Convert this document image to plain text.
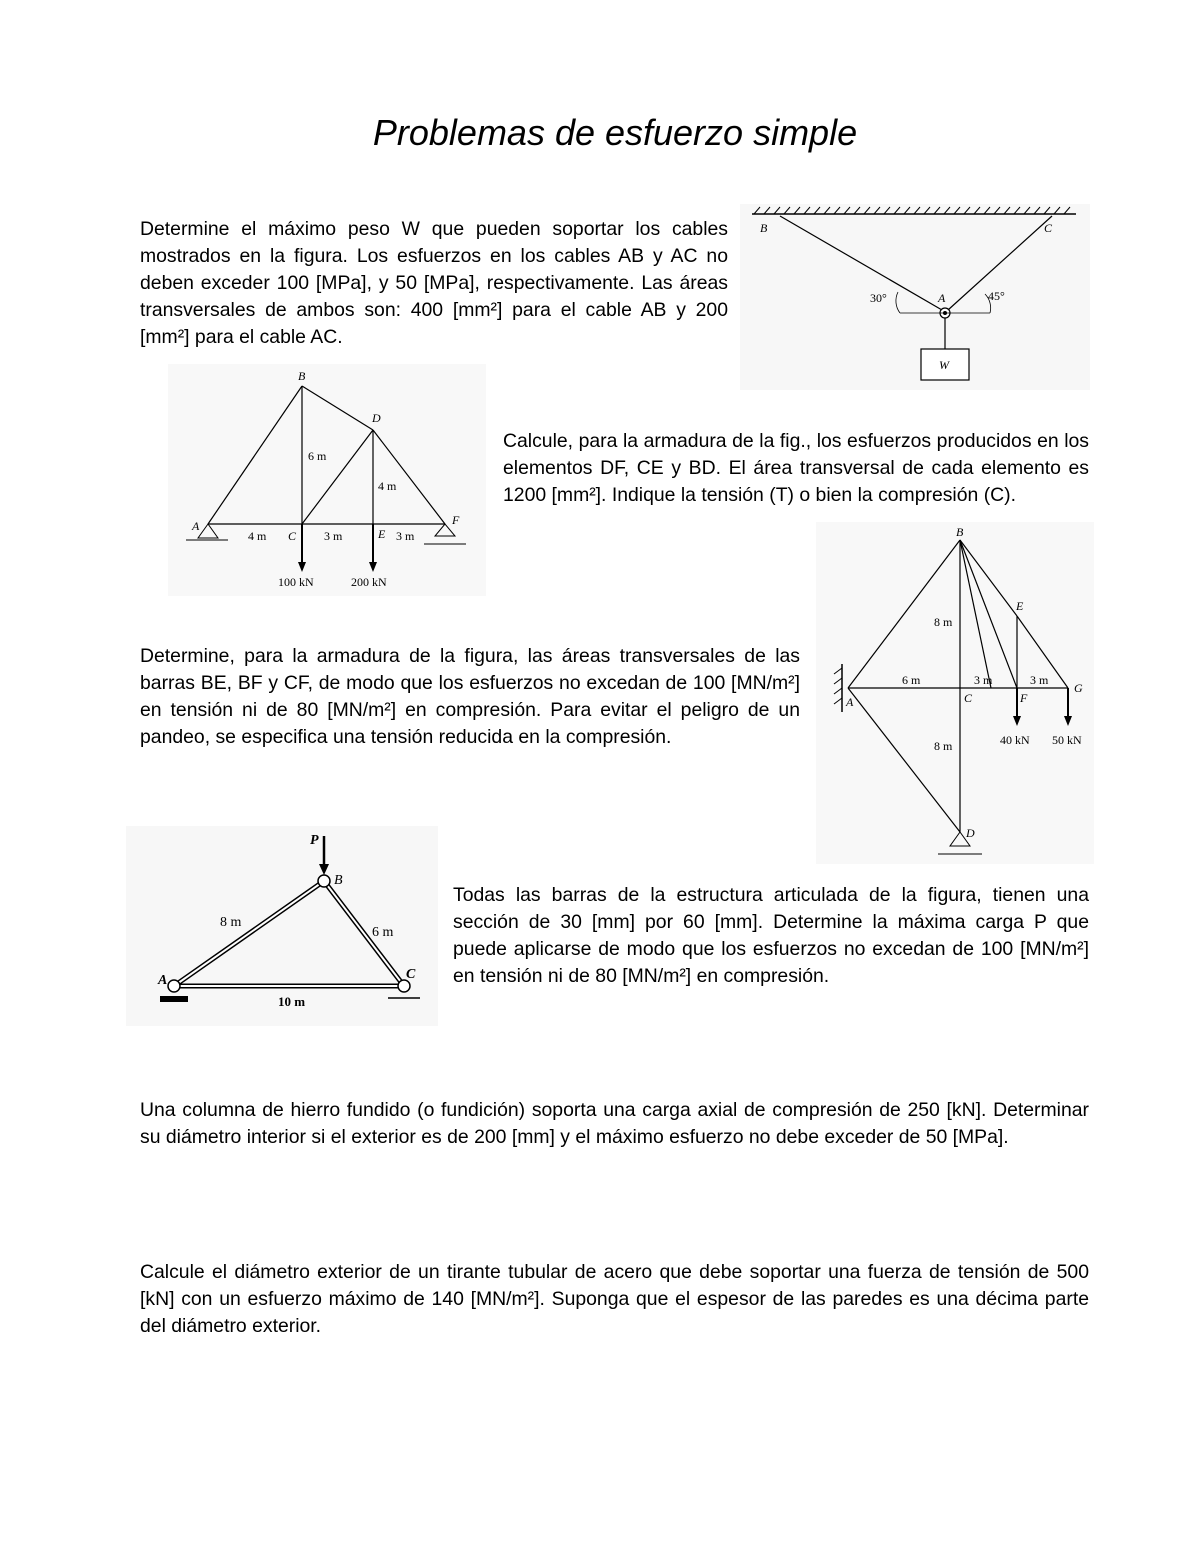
Problemas de esfuerzo simple
Determine el máximo peso W que pueden soportar los cables mostrados en la figura. Los esfuerzos en los cables AB y AC no deben exceder 100 [MPa], y 50 [MPa], respectivamente. Las áreas transversales de ambos son: 400 [mm²] para el cable AB y 200 [mm²] para el cable AC.
Calcule, para la armadura de la fig., los esfuerzos producidos en los elementos DF, CE y BD. El área transversal de cada elemento es 1200 [mm²]. Indique la tensión (T) o bien la compresión (C).
Determine, para la armadura de la figura, las áreas transversales de las barras BE, BF y CF, de modo que los esfuerzos no excedan de 100 [MN/m²] en tensión ni de 80 [MN/m²] en compresión. Para evitar el peligro de un pandeo, se especifica una tensión reducida en la compresión.
Todas las barras de la estructura articulada de la figura, tienen una sección de 30 [mm] por 60 [mm]. Determine la máxima carga P que puede aplicarse de modo que los esfuerzos no excedan de 100 [MN/m²] en tensión ni de 80 [MN/m²] en compresión.
Una columna de hierro fundido (o fundición) soporta una carga axial de compresión de 250 [kN]. Determinar su diámetro interior si el exterior es de 200 [mm] y el máximo esfuerzo no debe exceder de 50 [MPa].
Calcule el diámetro exterior de un tirante tubular de acero que debe soportar una fuerza de tensión de 500 [kN] con un esfuerzo máximo de 140 [MN/m²]. Suponga que el espesor de las paredes es una décima parte del diámetro exterior.
B	C
A
30°	45°
W
B
D
A
C	E
F
6 m
4 m
4 m	3 m	3 m
100 kN	200 kN
B
E
A	C	F
G
D
8 m
8 m
6 m	3 m	3 m
40 kN 50 kN
P
B
A	C
8 m
6 m
10 m
